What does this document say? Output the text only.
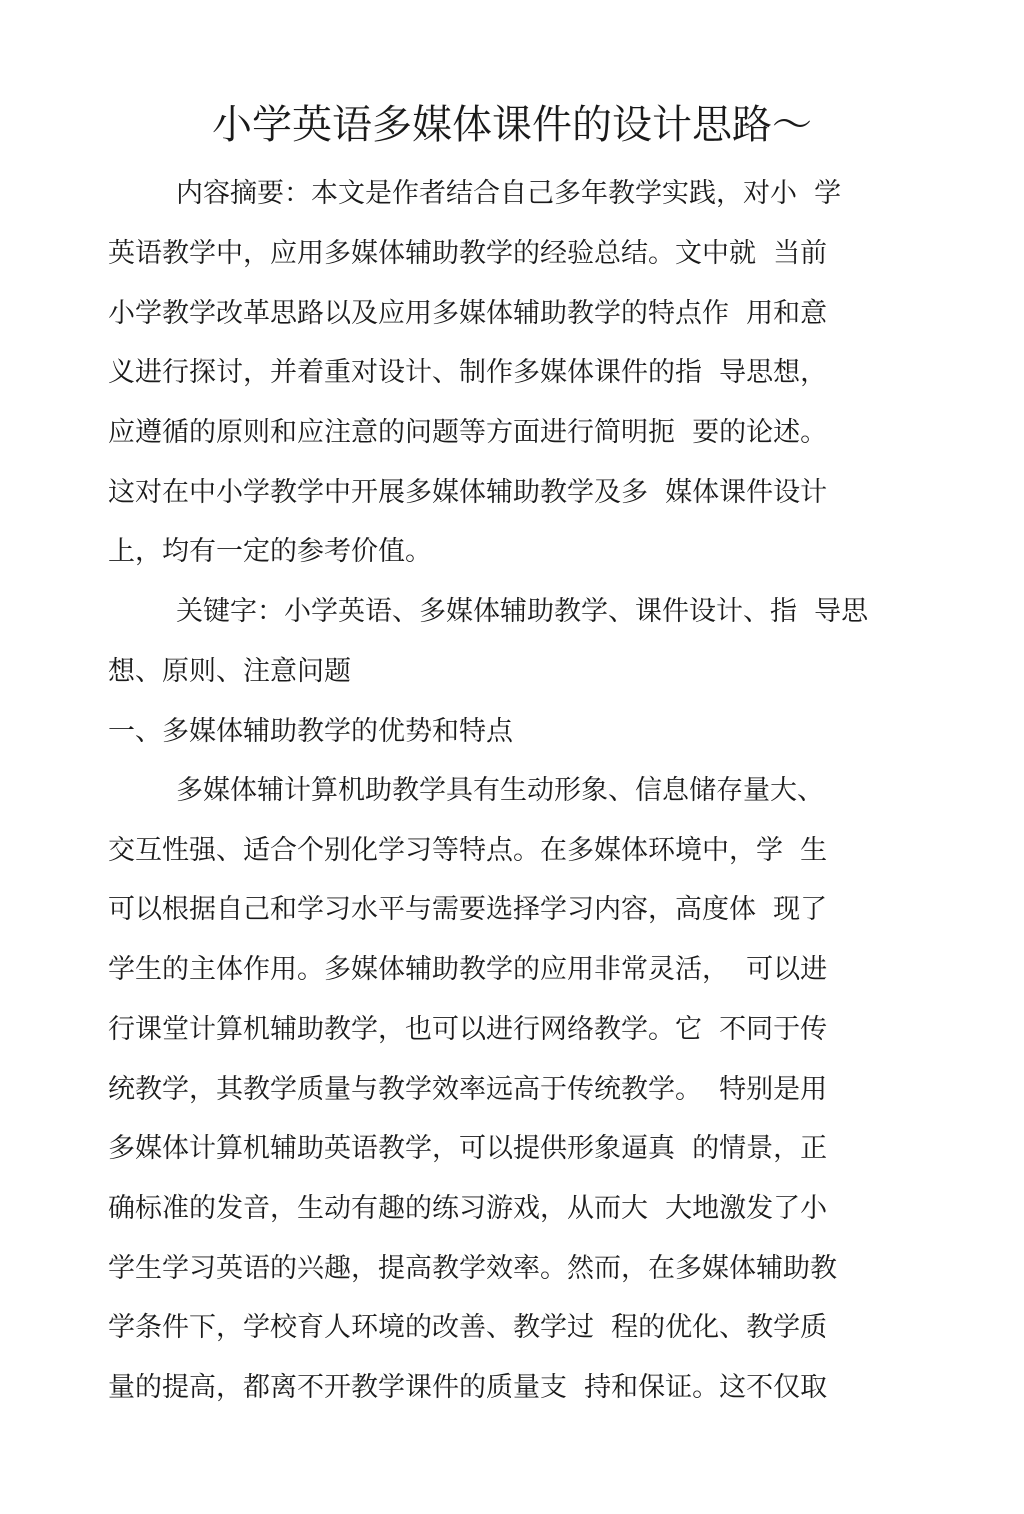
小学英语多媒体课件的设计思路～
内容摘要：本文是作者结合自己多年教学实践，对小  学
英语教学中，应用多媒体辅助教学的经验总结。文中就  当前
小学教学改革思路以及应用多媒体辅助教学的特点作  用和意
义进行探讨，并着重对设计、制作多媒体课件的指  导思想，
应遵循的原则和应注意的问题等方面进行简明扼  要的论述。
这对在中小学教学中开展多媒体辅助教学及多  媒体课件设计
上，均有一定的参考价值。
关键字：小学英语、多媒体辅助教学、课件设计、指  导思
想、原则、注意问题
一、多媒体辅助教学的优势和特点
多媒体辅计算机助教学具有生动形象、信息储存量大、
交互性强、适合个别化学习等特点。在多媒体环境中，学  生
可以根据自己和学习水平与需要选择学习内容，高度体  现了
学生的主体作用。多媒体辅助教学的应用非常灵活，  可以进
行课堂计算机辅助教学，也可以进行网络教学。它  不同于传
统教学，其教学质量与教学效率远高于传统教学。  特别是用
多媒体计算机辅助英语教学，可以提供形象逼真  的情景，正
确标准的发音，生动有趣的练习游戏，从而大  大地激发了小
学生学习英语的兴趣，提高教学效率。然而，在多媒体辅助教
学条件下，学校育人环境的改善、教学过  程的优化、教学质
量的提高，都离不开教学课件的质量支  持和保证。这不仅取
